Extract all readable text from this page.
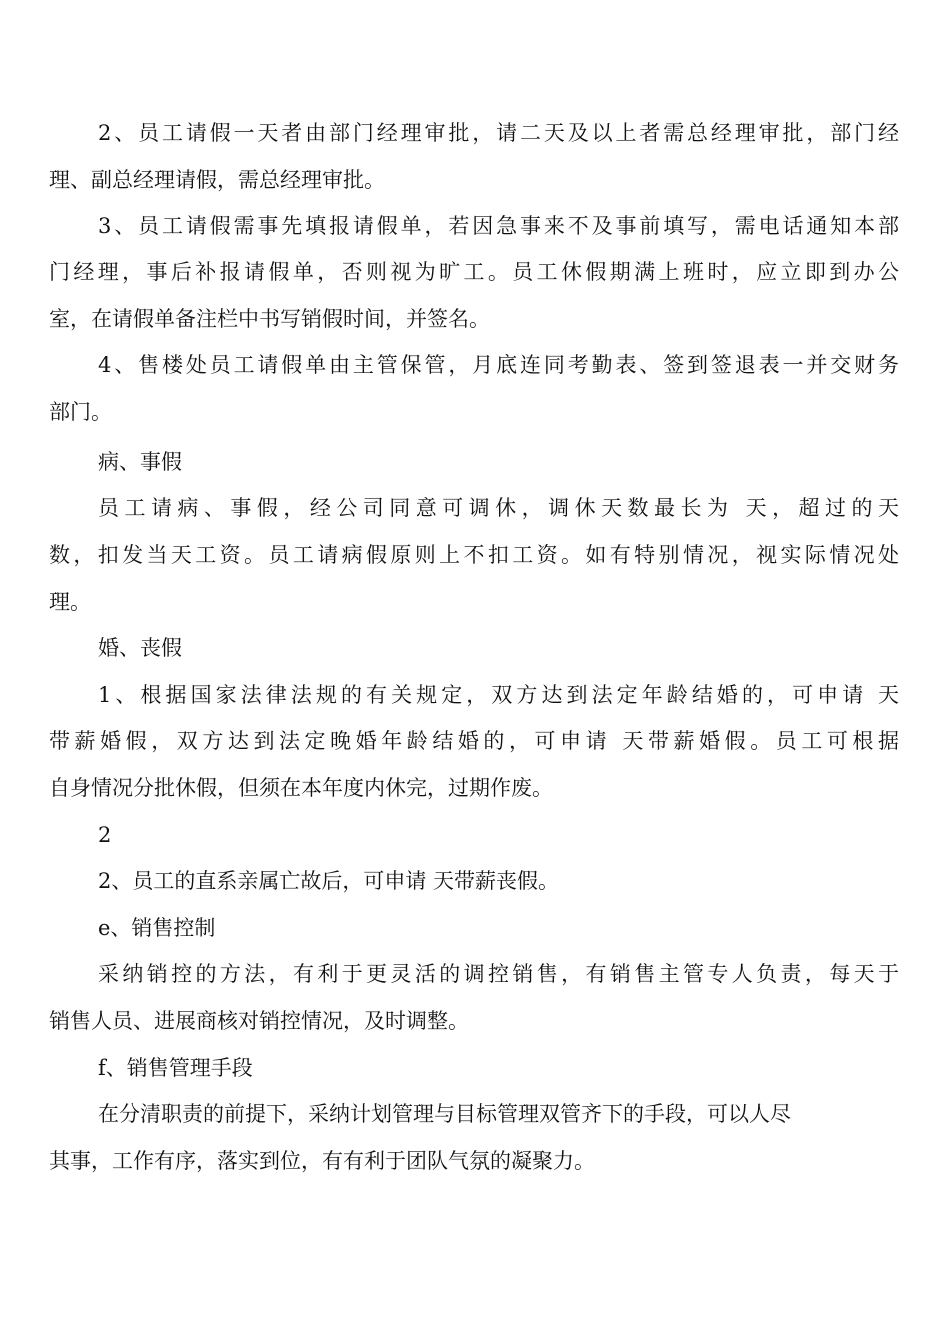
2、员工请假一天者由部门经理审批，请二天及以上者需总经理审批，部门经
理、副总经理请假，需总经理审批。
3、员工请假需事先填报请假单，若因急事来不及事前填写，需电话通知本部
门经理，事后补报请假单，否则视为旷工。员工休假期满上班时，应立即到办公
室，在请假单备注栏中书写销假时间，并签名。
4、售楼处员工请假单由主管保管，月底连同考勤表、签到签退表一并交财务
部门。
病、事假
员工请病、事假，经公司同意可调休，调休天数最长为 天，超过的天
数，扣发当天工资。员工请病假原则上不扣工资。如有特别情况，视实际情况处
理。
婚、丧假
1、根据国家法律法规的有关规定，双方达到法定年龄结婚的，可申请 天
带薪婚假，双方达到法定晚婚年龄结婚的，可申请 天带薪婚假。员工可根据
自身情况分批休假，但须在本年度内休完，过期作废。
2
2、员工的直系亲属亡故后，可申请 天带薪丧假。
e、销售控制
采纳销控的方法，有利于更灵活的调控销售，有销售主管专人负责，每天于
销售人员、进展商核对销控情况，及时调整。
f、销售管理手段
在分清职责的前提下，采纳计划管理与目标管理双管齐下的手段，可以人尽
其事，工作有序，落实到位，有有利于团队气氛的凝聚力。
